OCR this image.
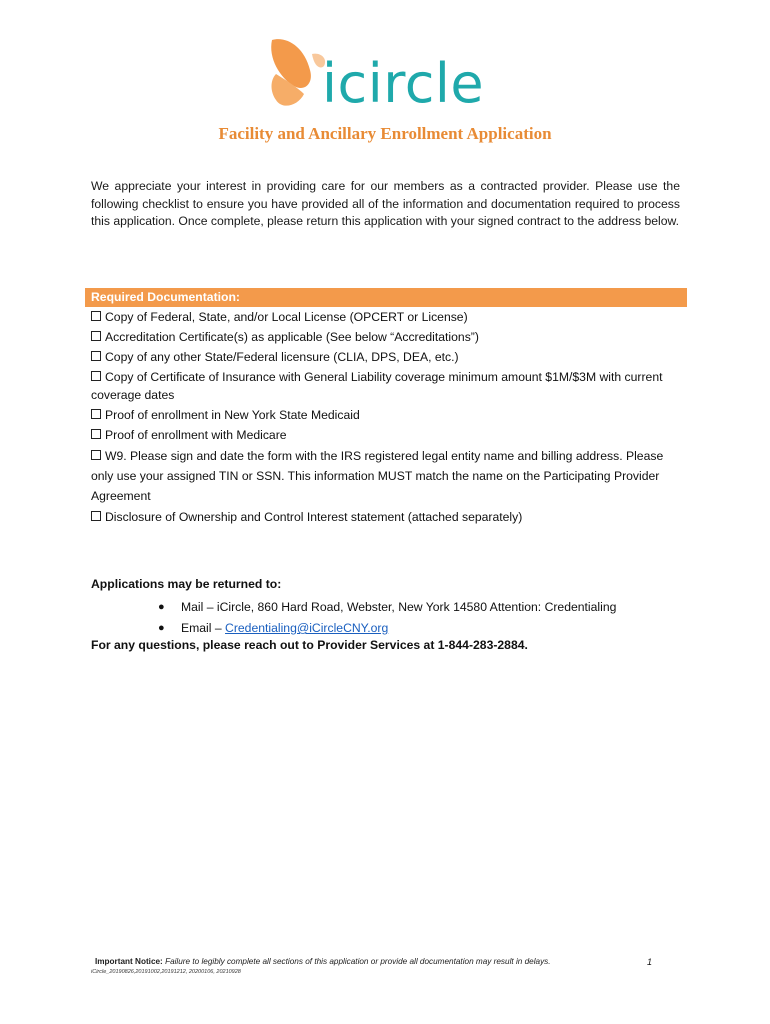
icircle
Facility and Ancillary Enrollment Application
We appreciate your interest in providing care for our members as a contracted provider. Please use the following checklist to ensure you have provided all of the information and documentation required to process this application. Once complete, please return this application with your signed contract to the address below.
Required Documentation:
Copy of Federal, State, and/or Local License (OPCERT or License)
Accreditation Certificate(s) as applicable (See below “Accreditations”)
Copy of any other State/Federal licensure (CLIA, DPS, DEA, etc.)
Copy of Certificate of Insurance with General Liability coverage minimum amount $1M/$3M with current coverage dates
Proof of enrollment in New York State Medicaid
Proof of enrollment with Medicare
W9. Please sign and date the form with the IRS registered legal entity name and billing address. Please only use your assigned TIN or SSN. This information MUST match the name on the Participating Provider Agreement
Disclosure of Ownership and Control Interest statement (attached separately)
Applications may be returned to:
●	Mail – iCircle, 860 Hard Road, Webster, New York 14580 Attention: Credentialing
●	Email – Credentialing@iCircleCNY.org
For any questions, please reach out to Provider Services at 1-844-283-2884.
Important Notice: Failure to legibly complete all sections of this application or provide all documentation may result in delays.	1
iCircle_20190826,20191002,20191212, 20200106, 20210928
